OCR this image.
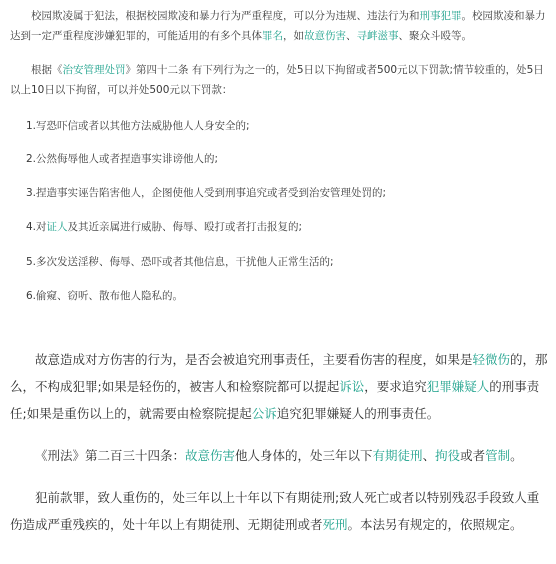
校园欺凌属于犯法，根据校园欺凌和暴力行为严重程度，可以分为违规、违法行为和刑事犯罪。校园欺凌和暴力达到一定严重程度涉嫌犯罪的，可能适用的有多个具体罪名，如故意伤害、寻衅滋事、聚众斗殴等。

根据《治安管理处罚》第四十二条 有下列行为之一的，处5日以下拘留或者500元以下罚款;情节较重的，处5日以上10日以下拘留，可以并处500元以下罚款：

1.写恐吓信或者以其他方法威胁他人人身安全的;
2.公然侮辱他人或者捏造事实诽谤他人的;
3.捏造事实诬告陷害他人，企图使他人受到刑事追究或者受到治安管理处罚的;
4.对证人及其近亲属进行威胁、侮辱、殴打或者打击报复的;
5.多次发送淫秽、侮辱、恐吓或者其他信息，干扰他人正常生活的;
6.偷窥、窃听、散布他人隐私的。

故意造成对方伤害的行为，是否会被追究刑事责任，主要看伤害的程度，如果是轻微伤的，那么，不构成犯罪;如果是轻伤的，被害人和检察院都可以提起诉讼，要求追究犯罪嫌疑人的刑事责任;如果是重伤以上的，就需要由检察院提起公诉追究犯罪嫌疑人的刑事责任。

《刑法》第二百三十四条：故意伤害他人身体的，处三年以下有期徒刑、拘役或者管制。

犯前款罪，致人重伤的，处三年以上十年以下有期徒刑;致人死亡或者以特别残忍手段致人重伤造成严重残疾的，处十年以上有期徒刑、无期徒刑或者死刑。本法另有规定的，依照规定。
